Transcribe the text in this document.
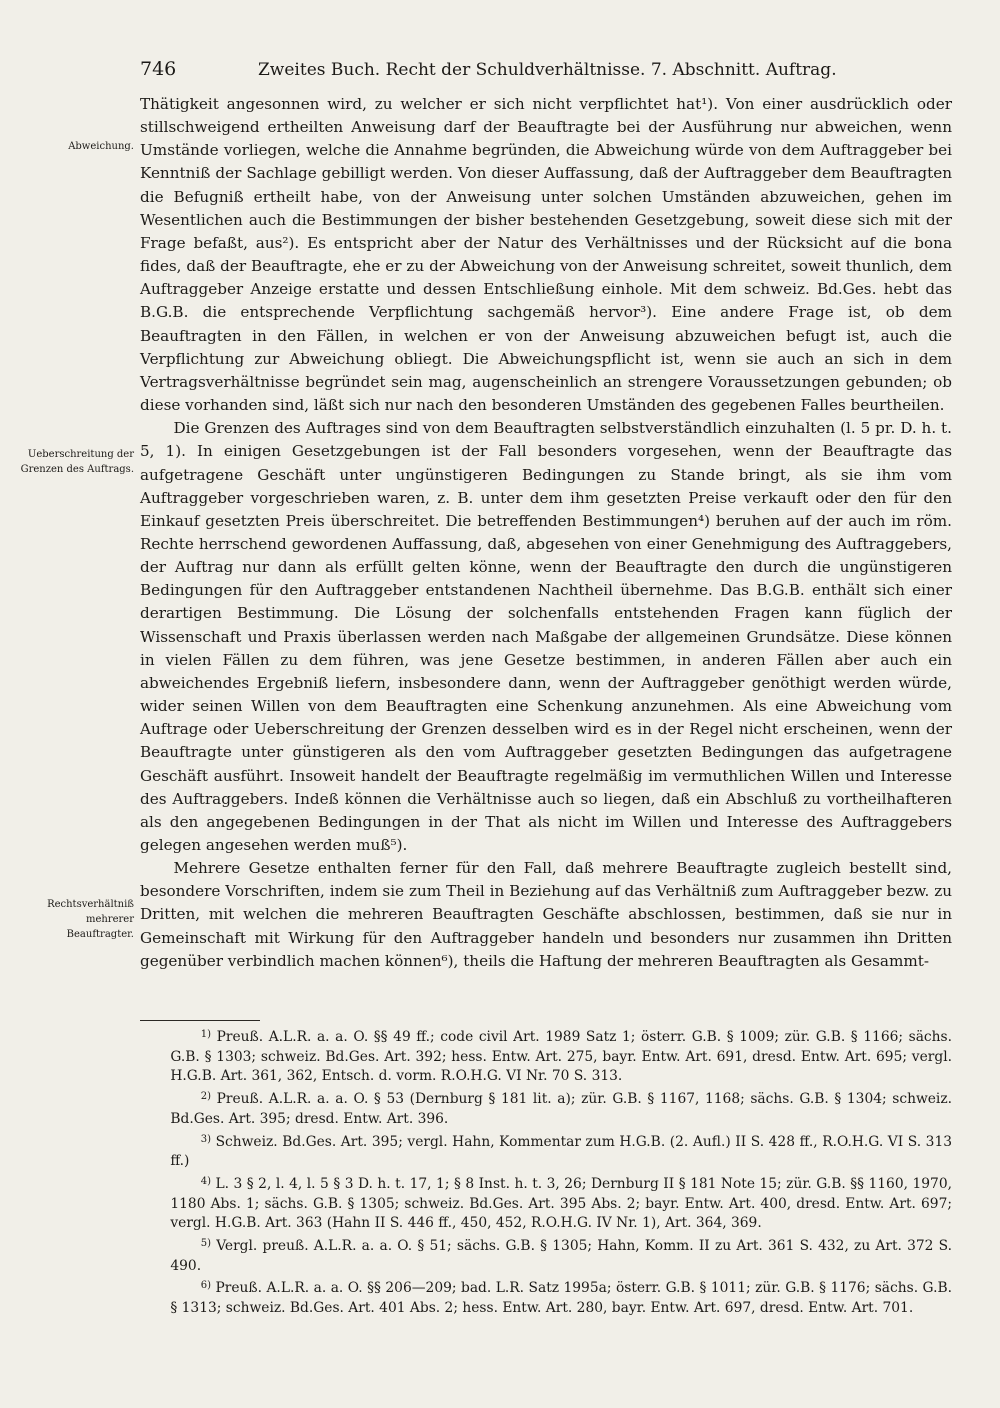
746	Zweites Buch. Recht der Schuldverhältnisse. 7. Abschnitt. Auftrag.
Abweichung.
Ueberschreitung der Grenzen des Auftrags.
Rechtsverhältniß mehrerer Beauftragter.

Thätigkeit angesonnen wird, zu welcher er sich nicht verpflichtet hat¹). Von einer ausdrücklich oder stillschweigend ertheilten Anweisung darf der Beauftragte bei der Ausführung nur abweichen, wenn Umstände vorliegen, welche die Annahme begründen, die Abweichung würde von dem Auftraggeber bei Kenntniß der Sachlage gebilligt werden. Von dieser Auffassung, daß der Auftraggeber dem Beauftragten die Befugniß ertheilt habe, von der Anweisung unter solchen Umständen abzuweichen, gehen im Wesentlichen auch die Bestimmungen der bisher bestehenden Gesetzgebung, soweit diese sich mit der Frage befaßt, aus²). Es entspricht aber der Natur des Verhältnisses und der Rücksicht auf die bona fides, daß der Beauftragte, ehe er zu der Abweichung von der Anweisung schreitet, soweit thunlich, dem Auftraggeber Anzeige erstatte und dessen Entschließung einhole. Mit dem schweiz. Bd.Ges. hebt das B.G.B. die entsprechende Verpflichtung sachgemäß hervor³). Eine andere Frage ist, ob dem Beauftragten in den Fällen, in welchen er von der Anweisung abzuweichen befugt ist, auch die Verpflichtung zur Abweichung obliegt. Die Abweichungspflicht ist, wenn sie auch an sich in dem Vertragsverhältnisse begründet sein mag, augenscheinlich an strengere Voraussetzungen gebunden; ob diese vorhanden sind, läßt sich nur nach den besonderen Umständen des gegebenen Falles beurtheilen.

Die Grenzen des Auftrages sind von dem Beauftragten selbstverständlich einzuhalten (l. 5 pr. D. h. t. 5, 1). In einigen Gesetzgebungen ist der Fall besonders vorgesehen, wenn der Beauftragte das aufgetragene Geschäft unter ungünstigeren Bedingungen zu Stande bringt, als sie ihm vom Auftraggeber vorgeschrieben waren, z. B. unter dem ihm gesetzten Preise verkauft oder den für den Einkauf gesetzten Preis überschreitet. Die betreffenden Bestimmungen⁴) beruhen auf der auch im röm. Rechte herrschend gewordenen Auffassung, daß, abgesehen von einer Genehmigung des Auftraggebers, der Auftrag nur dann als erfüllt gelten könne, wenn der Beauftragte den durch die ungünstigeren Bedingungen für den Auftraggeber entstandenen Nachtheil übernehme. Das B.G.B. enthält sich einer derartigen Bestimmung. Die Lösung der solchenfalls entstehenden Fragen kann füglich der Wissenschaft und Praxis überlassen werden nach Maßgabe der allgemeinen Grundsätze. Diese können in vielen Fällen zu dem führen, was jene Gesetze bestimmen, in anderen Fällen aber auch ein abweichendes Ergebniß liefern, insbesondere dann, wenn der Auftraggeber genöthigt werden würde, wider seinen Willen von dem Beauftragten eine Schenkung anzunehmen. Als eine Abweichung vom Auftrage oder Ueberschreitung der Grenzen desselben wird es in der Regel nicht erscheinen, wenn der Beauftragte unter günstigeren als den vom Auftraggeber gesetzten Bedingungen das aufgetragene Geschäft ausführt. Insoweit handelt der Beauftragte regelmäßig im vermuthlichen Willen und Interesse des Auftraggebers. Indeß können die Verhältnisse auch so liegen, daß ein Abschluß zu vortheilhafteren als den angegebenen Bedingungen in der That als nicht im Willen und Interesse des Auftraggebers gelegen angesehen werden muß⁵).

Mehrere Gesetze enthalten ferner für den Fall, daß mehrere Beauftragte zugleich bestellt sind, besondere Vorschriften, indem sie zum Theil in Beziehung auf das Verhältniß zum Auftraggeber bezw. zu Dritten, mit welchen die mehreren Beauftragten Geschäfte abschlossen, bestimmen, daß sie nur in Gemeinschaft mit Wirkung für den Auftraggeber handeln und besonders nur zusammen ihn Dritten gegenüber verbindlich machen können⁶), theils die Haftung der mehreren Beauftragten als Gesammt-

$^{1)}$ Preuß. A.L.R. a. a. O. §§ 49 ff.; code civil Art. 1989 Satz 1; österr. G.B. § 1009; zür. G.B. § 1166; sächs. G.B. § 1303; schweiz. Bd.Ges. Art. 392; hess. Entw. Art. 275, bayr. Entw. Art. 691, dresd. Entw. Art. 695; vergl. H.G.B. Art. 361, 362, Entsch. d. vorm. R.O.H.G. VI Nr. 70 S. 313.

$^{2)}$ Preuß. A.L.R. a. a. O. § 53 (Dernburg § 181 lit. a); zür. G.B. § 1167, 1168; sächs. G.B. § 1304; schweiz. Bd.Ges. Art. 395; dresd. Entw. Art. 396.

$^{3)}$ Schweiz. Bd.Ges. Art. 395; vergl. Hahn, Kommentar zum H.G.B. (2. Aufl.) II S. 428 ff., R.O.H.G. VI S. 313 ff.)

$^{4)}$ L. 3 § 2, l. 4, l. 5 § 3 D. h. t. 17, 1; § 8 Inst. h. t. 3, 26; Dernburg II § 181 Note 15; zür. G.B. §§ 1160, 1970, 1180 Abs. 1; sächs. G.B. § 1305; schweiz. Bd.Ges. Art. 395 Abs. 2; bayr. Entw. Art. 400, dresd. Entw. Art. 697; vergl. H.G.B. Art. 363 (Hahn II S. 446 ff., 450, 452, R.O.H.G. IV Nr. 1), Art. 364, 369.

$^{5)}$ Vergl. preuß. A.L.R. a. a. O. § 51; sächs. G.B. § 1305; Hahn, Komm. II zu Art. 361 S. 432, zu Art. 372 S. 490.

$^{6)}$ Preuß. A.L.R. a. a. O. §§ 206—209; bad. L.R. Satz 1995a; österr. G.B. § 1011; zür. G.B. § 1176; sächs. G.B. § 1313; schweiz. Bd.Ges. Art. 401 Abs. 2; hess. Entw. Art. 280, bayr. Entw. Art. 697, dresd. Entw. Art. 701.
